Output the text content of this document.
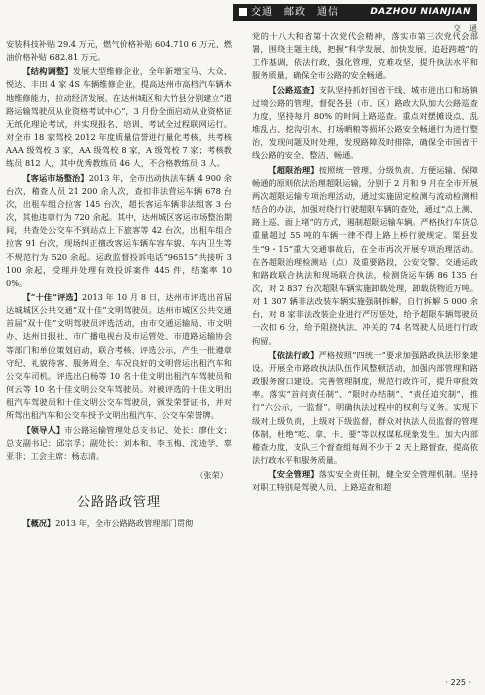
交通　邮政　通信	DAZHOU NIANJIAN
交　通

安装科技补贴 29.4 万元，燃气价格补贴 604.710 6 万元、燃油价格补贴 682.81 万元。

【结构调整】发展大型维修企业，全年新增宝马、大众、悦达、丰田 4 家 4S 车辆维修企业，提高达州市高档汽车辆本地维修能力，拉动经济发展。在达州城区和大竹县分别建立“道路运输驾驶员从业资格考试中心”，3 月份全面启动从业资格证无纸化理论考试，并实现报名、培训、考试全过程联网运行。对全市 18 家驾校 2012 年度质量信誉进行量化考核，共考核 AAA 级驾校 3 家，AA 级驾校 8 家，A 级驾校 7 家；考核教练员 812 人，其中优秀教练员 46 人，不合格教练员 3 人。

【客运市场整治】2013 年，全市出动执法车辆 4 900 余台次，稽查人员 21 200 余人次，查扣非法营运车辆 678 台次，出租车组合拉客 145 台次，超长客运车辆非法组客 3 台次，其他违章行为 720 余起。其中，达州城区客运市场整治期间，共查处公交车不到站点上下旅客等 42 台次，出租车组合拉客 91 台次，现场纠正擅改客运车辆车容车貌、车内卫生等不规范行为 520 余起。运政监督投诉电话“96515”共接听 3 100 余起，受理并处理有效投诉案件 445 件，结案率 100%。

【“十佳”评选】2013 年 10 月 8 日，达州市评选出首届达城城区公共交通“双十佳”文明驾驶员。达州市城区公共交通首届“双十佳”文明驾驶员评选活动，由市交通运输局、市文明办、达州日报社、市广播电视台及市运管处、市道路运输协会等部门和单位策划启动，联合考核、评选公示，产生一批遵章守纪、礼貌待客、服务周全、车况良好的文明营运出租汽车和公交车司机。评选出白杨等 10 名十佳文明出租汽车驾驶员和何云等 10 名十佳文明公交车驾驶员。对被评选的十佳文明出租汽车驾驶员和十佳文明公交车驾驶员，颁发荣誉证书，并对所驾出租汽车和公交车授予文明出租汽车、公交车荣誉牌。

【领导人】市公路运输管理处总支书记、处长：廖仕文；总支副书记：邱宗孚；副处长：刘本和、李玉梅、沈逵学、辜亚非；工会主席：杨志清。

（张荣）
公路路政管理

【概况】2013 年，全市公路路政管理部门贯彻

党的十八大和省第十次党代会精神，落实市第三次党代会部署，围绕主题主线，把握“科学发展、加快发展、追赶跨越”的工作基调，依法行政，强化管理，克难攻坚，提升执法水平和服务质量，确保全市公路的安全畅通。

【公路巡查】支队坚持抓好国省干线、城市进出口和场镇过境公路的管理，督促各县（市、区）路政大队加大公路巡查力度，坚持每月 80% 的时间上路巡查。重点对摆摊设点、乱堆乱占、挖沟引水、打场晒粮等损坏公路安全畅通行为进行整治，发现问题及时处理，发现路障及时排除，确保全市国省干线公路的安全、整洁、畅通。

【超限治理】按照统一管理、分级负责、方便运输、保障畅通的原则依法治理超限运输，分别于 2 月和 9 月在全市开展两次超限运输专项治理活动，通过实施固定检测与流动检测相结合的办法，加强对绕行行驶超限车辆的查处，通过“点上测、路上巡、面上堵”的方式，遏制超限运输车辆。严格执行车货总重量超过 55 吨的车辆一律不得上路上桥行驶规定。渠县发生“9・15”重大交通事故后，在全市再次开展专项治理活动。在各超限治理检测站（点）及重要路段，公安交警、交通运政和路政联合执法和现场联合执法，检测货运车辆 86 135 台次，对 2 837 台次超限车辆实施卸载处理，卸载货物近万吨。对 1 307 辆非法改装车辆实施强制拆解，自行拆解 5 000 余台，对 8 家非法改装企业进行严厉惩处，给予超限车辆驾驶员一次扣 6 分，给予阻挠执法、冲关的 74 名驾驶人员进行行政拘留。

【依法行政】严格按照“四统一”要求加强路政执法形象建设。开展全市路政执法队伍作风整顿活动，加强内部管理和路政服务窗口建设。完善管理制度，规范行政许可，提升审批效率。落实“首问责任制”、“限时办结制”、“责任追究制”，推行“六公示，一监督”。明确执法过程中的权利与义务。实现下级对上级负责，上级对下级监督，群众对执法人员监督的管理体制，杜绝“吃、拿、卡、要”等以权谋私现象发生。加大内部稽查力度，支队三个督查组每周不少于 2 天上路督查，提高依法行政水平和服务质量。

【安全管理】落实安全责任制，健全安全管理机制。坚持对职工特别是驾驶人员、上路巡查和超

· 225 ·
